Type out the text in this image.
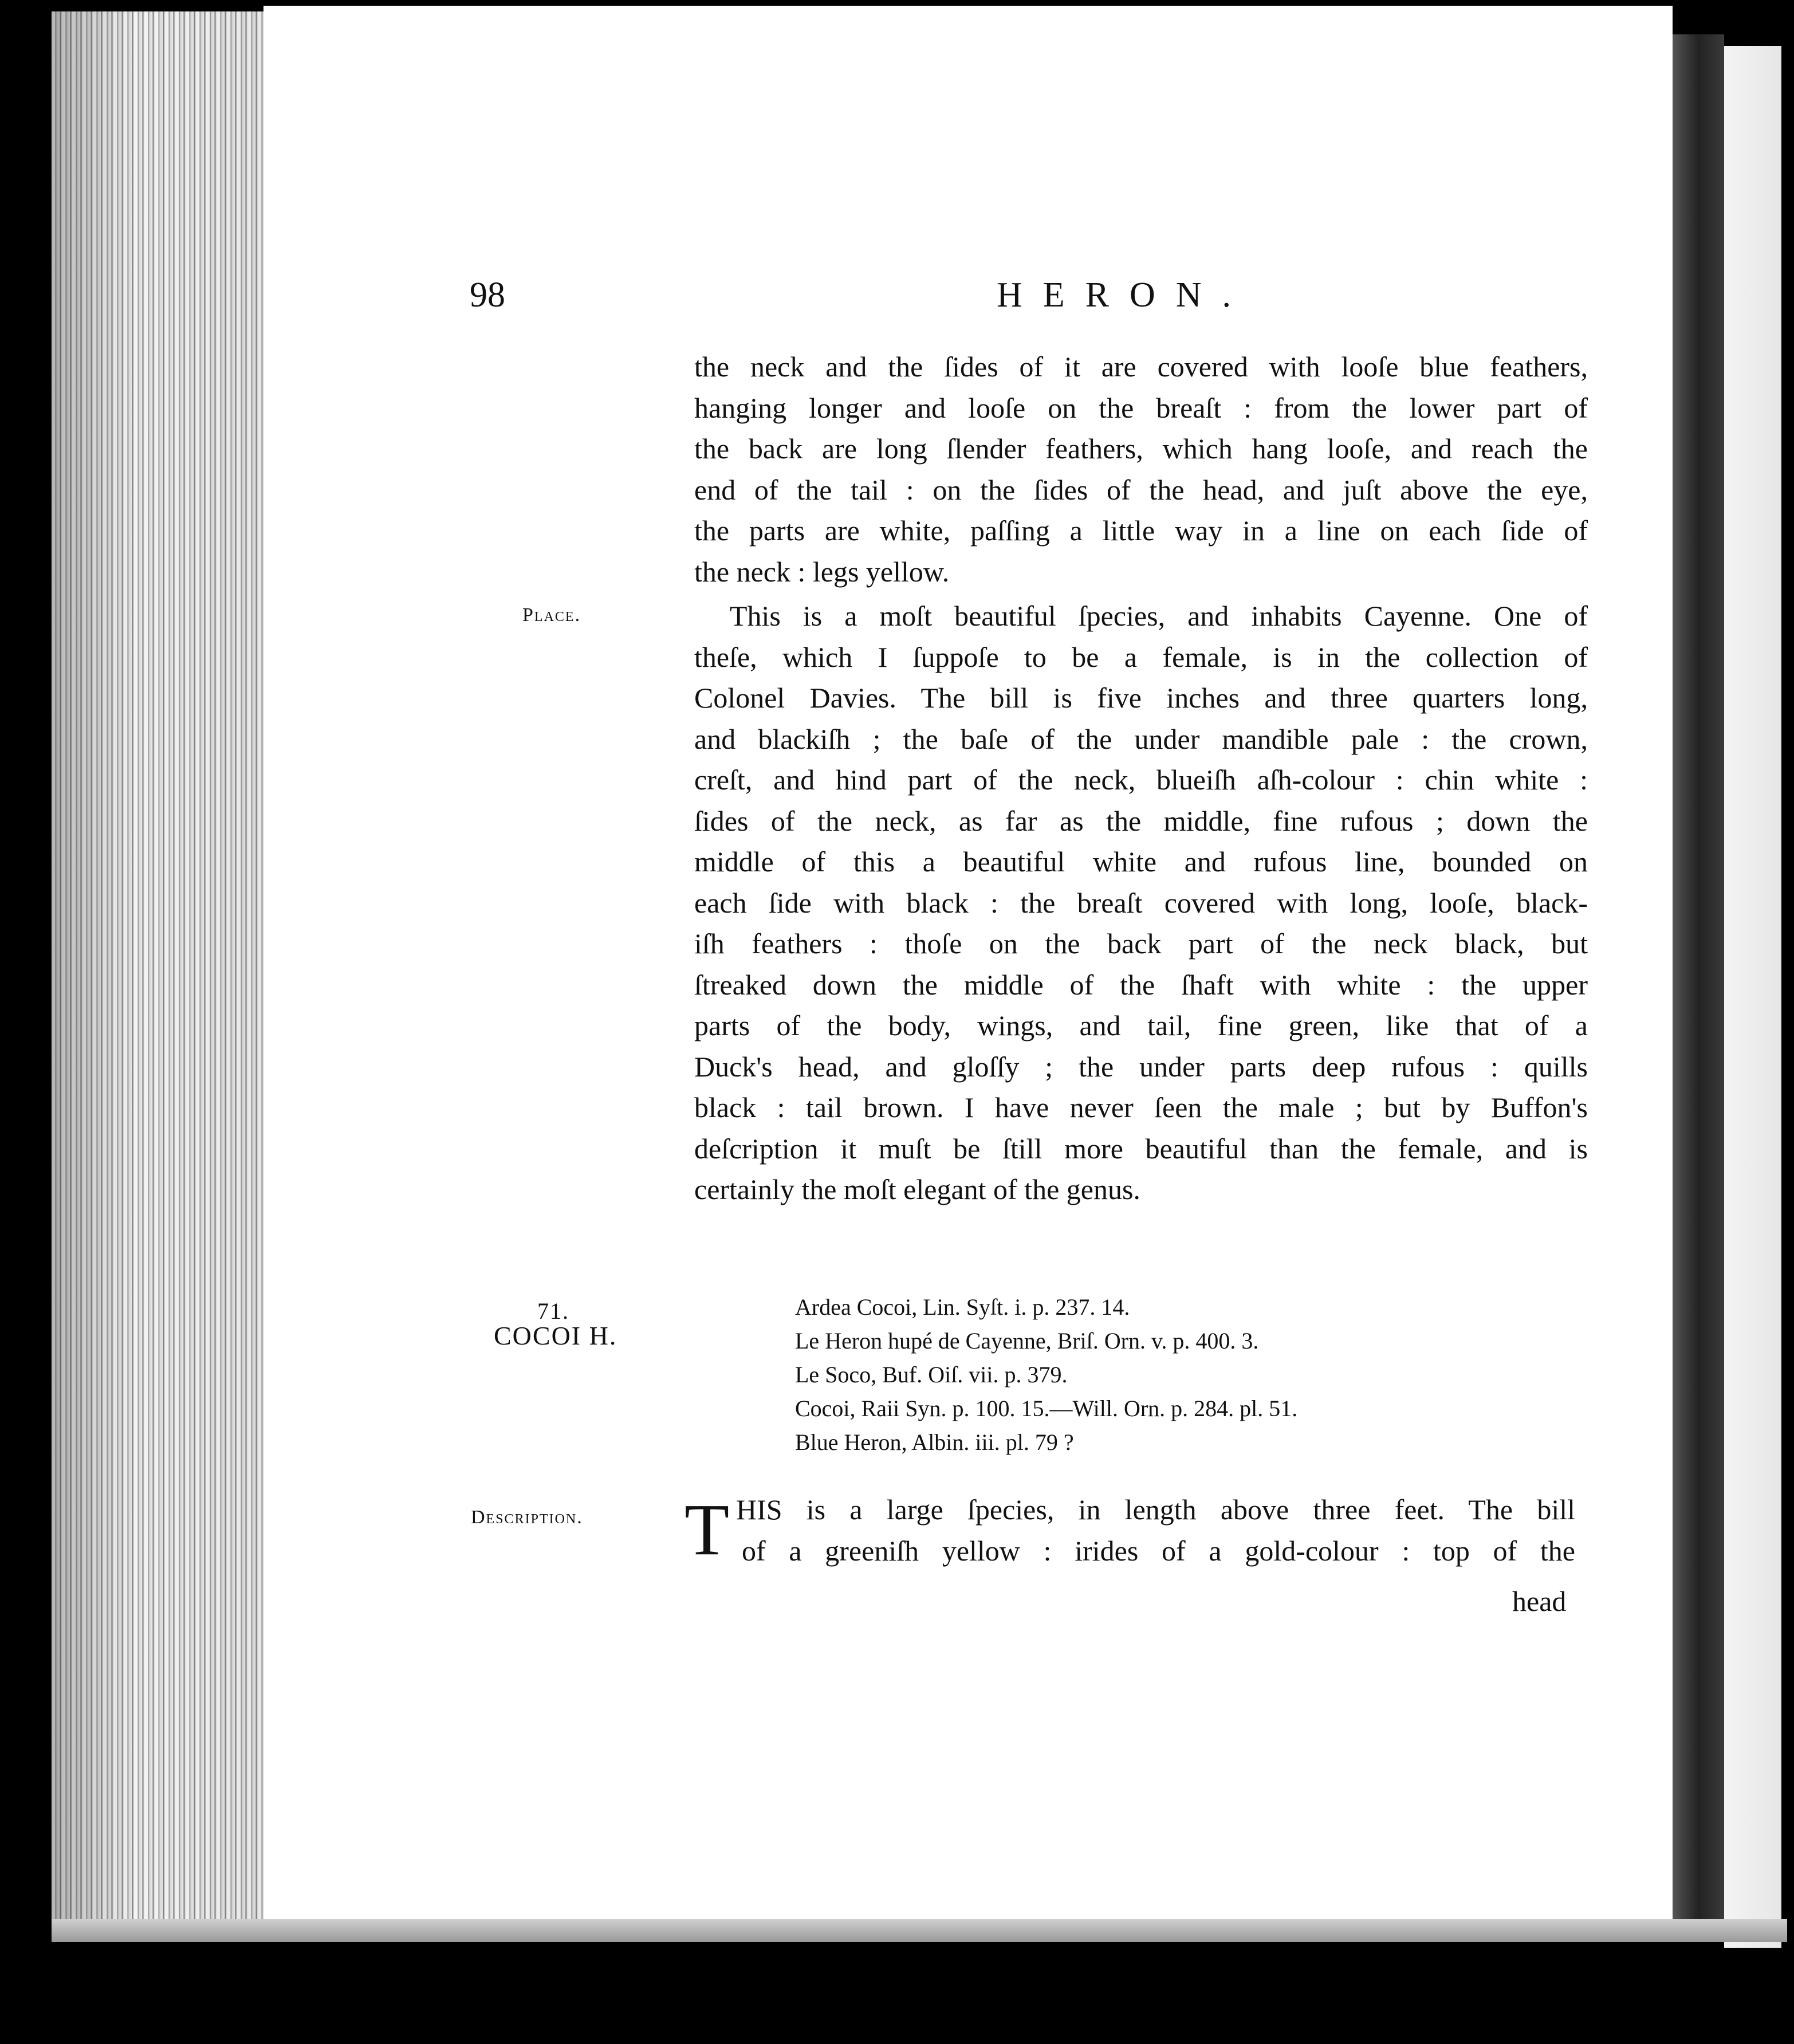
98	HERON.
the neck and the ſides of it are covered with looſe blue feathers,
hanging longer and looſe on the breaſt : from the lower part of
the back are long ſlender feathers, which hang looſe, and reach the
end of the tail : on the ſides of the head, and juſt above the eye,
the parts are white, paſſing a little way in a line on each ſide of
the neck : legs yellow.
Place.	This is a moſt beautiful ſpecies, and inhabits Cayenne. One of
theſe, which I ſuppoſe to be a female, is in the collection of
Colonel Davies. The bill is five inches and three quarters long,
and blackiſh ; the baſe of the under mandible pale : the crown,
creſt, and hind part of the neck, blueiſh aſh-colour : chin white :
ſides of the neck, as far as the middle, fine rufous ; down the
middle of this a beautiful white and rufous line, bounded on
each ſide with black : the breaſt covered with long, looſe, black-
iſh feathers : thoſe on the back part of the neck black, but
ſtreaked down the middle of the ſhaft with white : the upper
parts of the body, wings, and tail, fine green, like that of a
Duck's head, and gloſſy ; the under parts deep rufous : quills
black : tail brown. I have never ſeen the male ; but by Buffon's
deſcription it muſt be ſtill more beautiful than the female, and is
certainly the moſt elegant of the genus.
71.
COCOI H.
Ardea Cocoi, Lin. Syſt. i. p. 237. 14.
Le Heron hupé de Cayenne, Briſ. Orn. v. p. 400. 3.
Le Soco, Buf. Oiſ. vii. p. 379.
Cocoi, Raii Syn. p. 100. 15.—Will. Orn. p. 284. pl. 51.
Blue Heron, Albin. iii. pl. 79 ?
Description. T HIS is a large ſpecies, in length above three feet. The bill
of a greeniſh yellow : irides of a gold-colour : top of the
head
